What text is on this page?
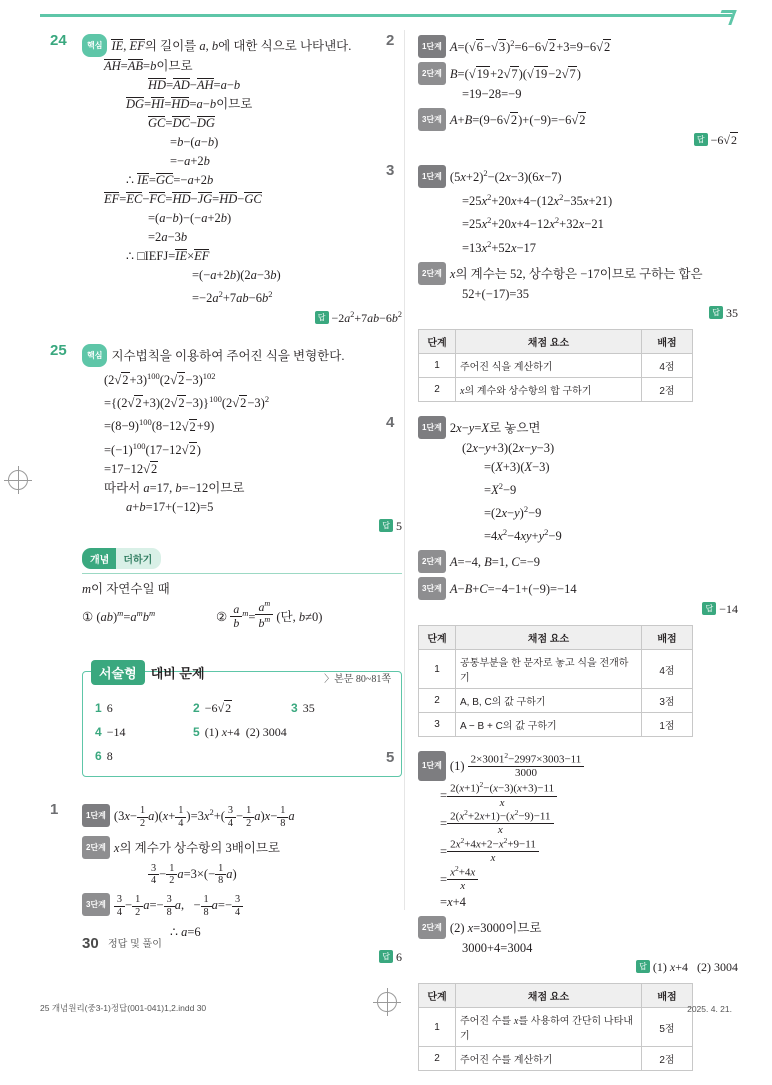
24	핵심 IE, EF의 길이를 a, b에 대한 식으로 나타낸다.
AH=AB=b이므로
HD=AD−AH=a−b
DG=HI=HD=a−b이므로
GC=DC−DG
=b−(a−b)
=−a+2b
∴ IE=GC=−a+2b
EF=EC−FC=HD−JG=HD−GC
=(a−b)−(−a+2b)
=2a−3b
∴ □IEFJ=IE×EF
=(−a+2b)(2a−3b)
$=-2a^2+7ab-6b^2$
답 $-2a^2+7ab-6b^2$
25	핵심 지수법칙을 이용하여 주어진 식을 변형한다.
$(2√2+3)^{100}(2√2-3)^{102}$
$=\{(2√2+3)(2√2-3)\}^{100}(2√2-3)^2$
$=(8-9)^{100}(8-12√2+9)$
$=(-1)^{100}(17-12√2)$
=17−12√2
따라서 a=17, b=−12이므로
a+b=17+(−12)=5
답 5
개념	더하기
m이 자연수일 때
① $(ab)^m=a^mb^m$	② $\frac{a}{b} ^m= \frac{a^m}{b^m}$ (단, b≠0)
서술형	대비 문제	〉본문 80~81쪽
1 6	2 −6√2	3 35
4 −14	5 (1) x+4  (2) 3004
6 8
1	1단계 $(3x- \frac{1}{2} a)(x+ \frac{1}{4} )=3x^2+( \frac{3}{4} - \frac{1}{2} a)x- \frac{1}{8}$ a
2단계 x의 계수가 상수항의 3배이므로
$\frac{3}{4} - \frac{1}{2} a=3\times(- \frac{1}{8} a)$
3단계 $\frac{3}{4} - \frac{1}{2} a=- \frac{3}{8} a$,   − $\frac{1}{8} a=- \frac{3}{4}$
∴ a=6
답 6
2	1단계 $A=(√6-√3)^2=6-6√2+3=9-6√2$
2단계 B=(√19+2√7)(√19−2√7)
=19−28=−9
3단계 A+B=(9−6√2)+(−9)=−6√2
답 −6√2
3	1단계 $(5x+2)^2-(2x-3)(6x-7)$
$=25x^2+20x+4-(12x^2-35x+21)$
$=25x^2+20x+4-12x^2+32x-21$
$=13x^2+52x-17$
2단계 x의 계수는 52, 상수항은 −17이므로 구하는 합은
52+(−17)=35
답 35
단계	채점 요소	배점
1	주어진 식을 계산하기	4점
2	x의 계수와 상수항의 합 구하기	2점
4	1단계 2x−y=X로 놓으면
(2x−y+3)(2x−y−3)
=(X+3)(X−3)
$=X^2-9$
$=(2x-y)^2-9$
$=4x^2-4xy+y^2-9$
2단계 A=−4, B=1, C=−9
3단계 A−B+C=−4−1+(−9)=−14
답 −14
단계	채점 요소	배점
1	공통부분을 한 문자로 놓고 식을 전개하기	4점
2	A, B, C의 값 구하기	3점
3	A − B + C의 값 구하기	1점
5	1단계 $(1) \frac{2\times 3001^2-2997\times 3003-11}{3000}$
= $\frac{2(x+1)^2-(x-3)(x+3)-11}{x}$
= $\frac{2(x^2+2x+1)-(x^2-9)-11}{x}$
= $\frac{2x^2+4x+2-x^2+9-11}{x}$
= $\frac{x^2+4x}{x}$
=x+4
2단계 (2) x=3000이므로
3000+4=3004
답 (1) x+4   (2) 3004
단계	채점 요소	배점
1	주어진 수를 x를 사용하여 간단히 나타내기	5점
2	주어진 수를 계산하기	2점
30 정답 및 풀이
25 개념원리(중3-1)정답(001-041)1,2.indd 30	2025. 4. 21.
